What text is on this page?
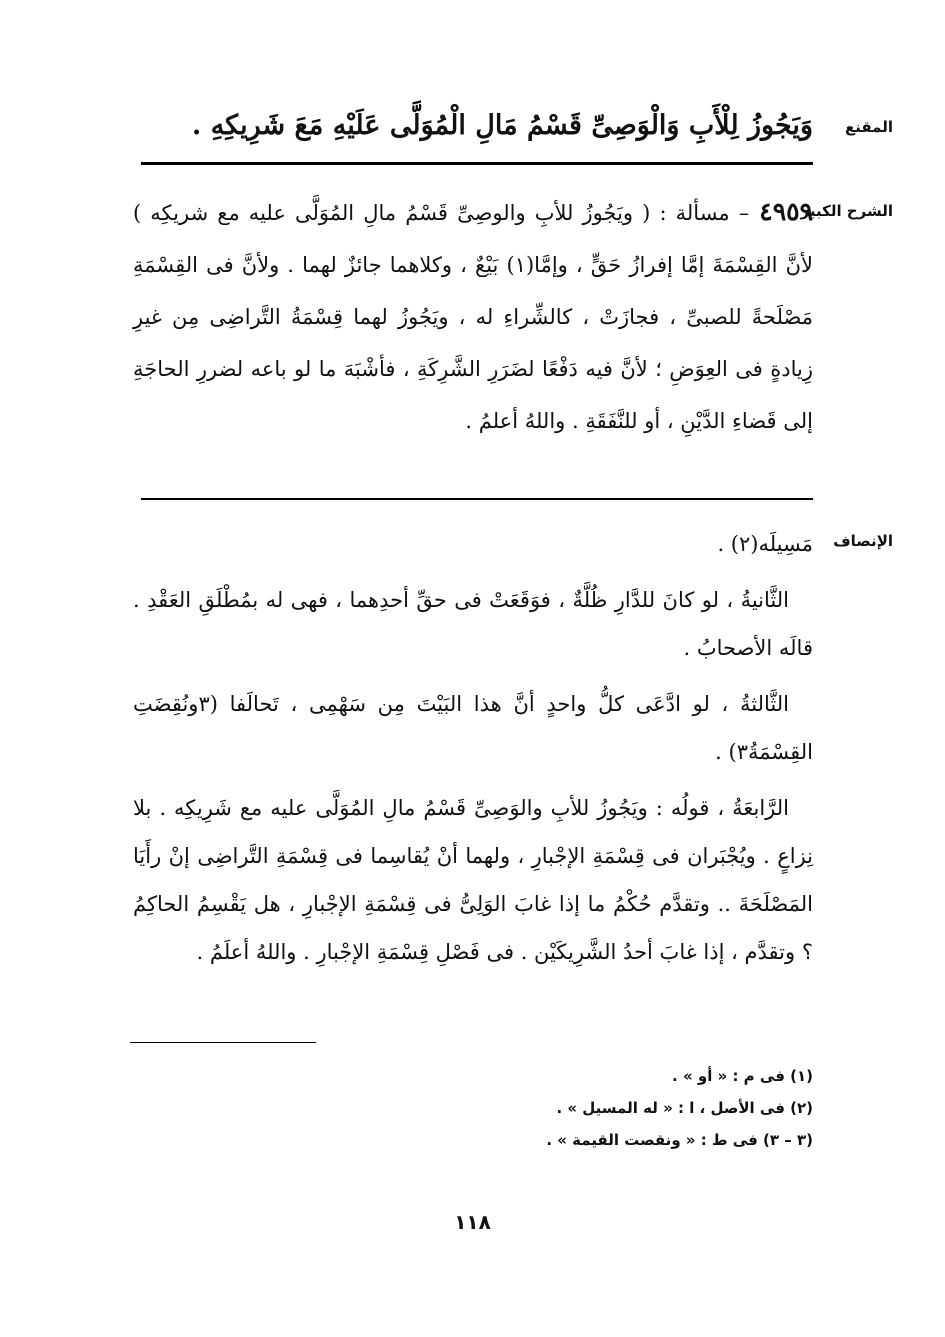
المقنع
وَيَجُوزُ لِلْأَبِ وَالْوَصِىِّ قَسْمُ مَالِ الْمُوَلَّى عَلَيْهِ مَعَ شَرِيكِهِ .
الشرح الكبير
٤٩٥٩– مسألة : ( ويَجُوزُ للأبِ والوصِىِّ قَسْمُ مالِ المُوَلَّى عليه مع شريكِه ) لأنَّ القِسْمَةَ إمَّا إفرازُ حَقٍّ ، وإمَّا(١) بَيْعٌ ، وكلاهما جائزٌ لهما . ولأنَّ فى القِسْمَةِ مَصْلَحةً للصبىِّ ، فجازَتْ ، كالشِّراءِ له ، ويَجُوزُ لهما قِسْمَةُ التَّراضِى مِن غيرِ زِيادةٍ فى العِوَضِ ؛ لأنَّ فيه دَفْعًا لضَرَرِ الشَّرِكَةِ ، فأشْبَهَ ما لو باعه لضررِ الحاجَةِ إلى قَضاءِ الدَّيْنِ ، أو للنَّفَقَةِ . واللهُ أعلمُ .
الإنصاف

مَسِيلَه(٢) .

الثَّانيةُ ، لو كانَ للدَّارِ ظُلَّةٌ ، فوَقَعَتْ فى حقِّ أحدِهما ، فهى له بمُطْلَقِ العَقْدِ . قالَه الأصحابُ .

الثَّالثةُ ، لو ادَّعَى كلُّ واحدٍ أنَّ هذا البَيْتَ مِن سَهْمِى ، تَحالَفا (٣ونُقِضَتِ القِسْمَةُ٣) .

الرَّابعَةُ ، قولُه : ويَجُوزُ للأبِ والوَصِىِّ قَسْمُ مالِ المُوَلَّى عليه مع شَرِيكِه . بلا نِزاعٍ . ويُجْبَران فى قِسْمَةِ الإجْبارِ ، ولهما أنْ يُقاسِما فى قِسْمَةِ التَّراضِى إنْ رأَيَا المَصْلَحَةَ .. وتقدَّم حُكْمُ ما إذا غابَ الوَلِىُّ فى قِسْمَةِ الإجْبارِ ، هل يَقْسِمُ الحاكِمُ ؟ وتقدَّم ، إذا غابَ أحدُ الشَّرِيكَيْن . فى فَصْلِ قِسْمَةِ الإجْبارِ . واللهُ أعلَمُ .

(١) فى م : « أو » .
(٢) فى الأصل ، ا : « له المسيل » .
(٣ – ٣) فى ط : « ونقصت القيمة » .
١١٨
